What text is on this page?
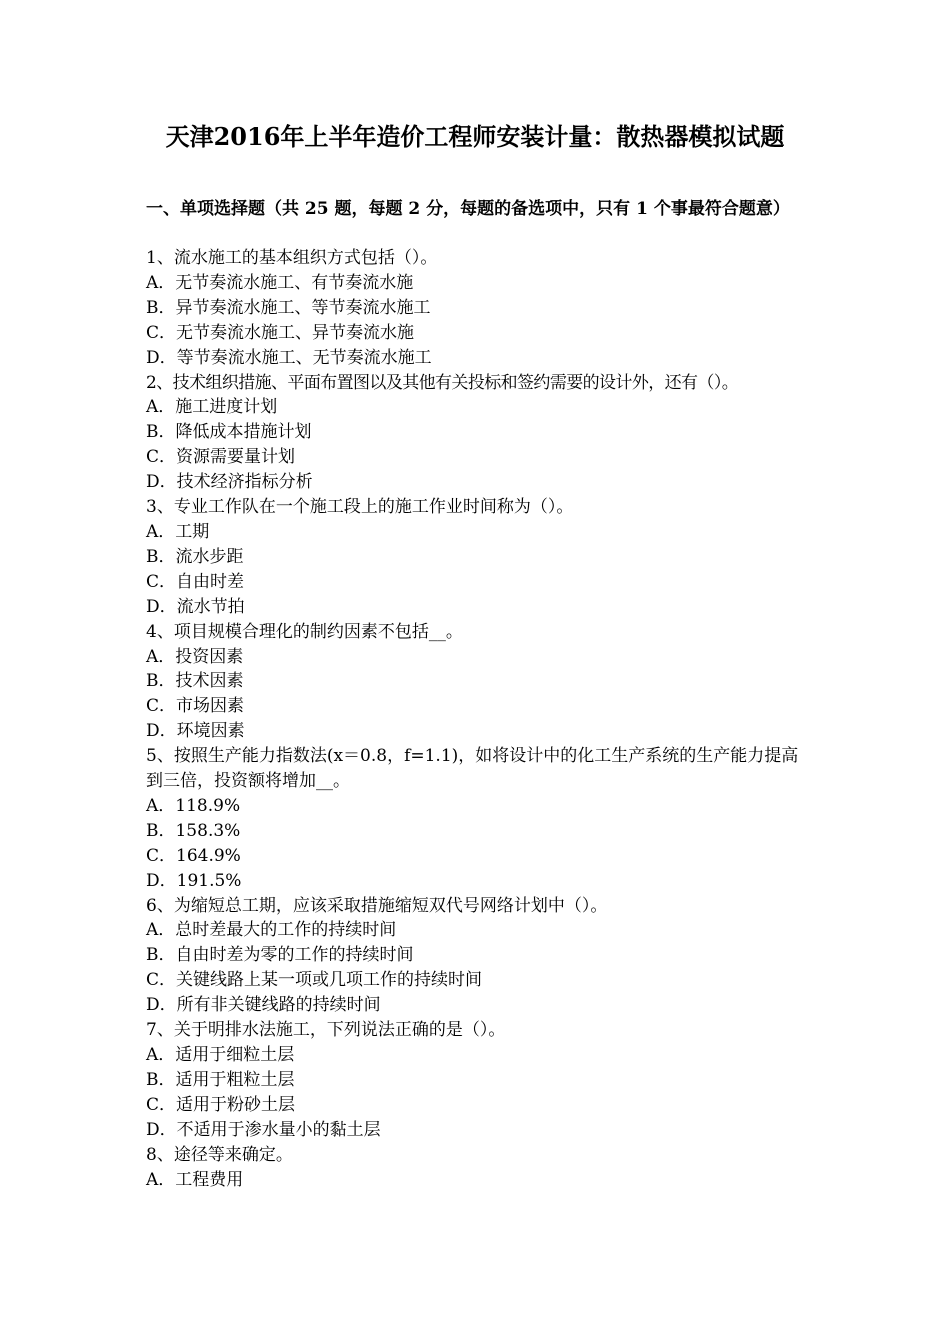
天津2016年上半年造价工程师安装计量：散热器模拟试题

一、单项选择题（共 25 题，每题 2 分，每题的备选项中，只有 1 个事最符合题意）

1、流水施工的基本组织方式包括（）。

A．无节奏流水施工、有节奏流水施

B．异节奏流水施工、等节奏流水施工

C．无节奏流水施工、异节奏流水施

D．等节奏流水施工、无节奏流水施工

2、技术组织措施、平面布置图以及其他有关投标和签约需要的设计外，还有（）。

A．施工进度计划

B．降低成本措施计划

C．资源需要量计划

D．技术经济指标分析

3、专业工作队在一个施工段上的施工作业时间称为（）。

A．工期

B．流水步距

C．自由时差

D．流水节拍

4、项目规模合理化的制约因素不包括__。

A．投资因素

B．技术因素

C．市场因素

D．环境因素

5、按照生产能力指数法(x＝0.8，f=1.1)，如将设计中的化工生产系统的生产能力提高到三倍，投资额将增加__。

A．118.9%

B．158.3%

C．164.9%

D．191.5%

6、为缩短总工期，应该采取措施缩短双代号网络计划中（）。

A．总时差最大的工作的持续时间

B．自由时差为零的工作的持续时间

C．关键线路上某一项或几项工作的持续时间

D．所有非关键线路的持续时间

7、关于明排水法施工，下列说法正确的是（）。

A．适用于细粒土层

B．适用于粗粒土层

C．适用于粉砂土层

D．不适用于渗水量小的黏土层

8、途径等来确定。

A．工程费用
